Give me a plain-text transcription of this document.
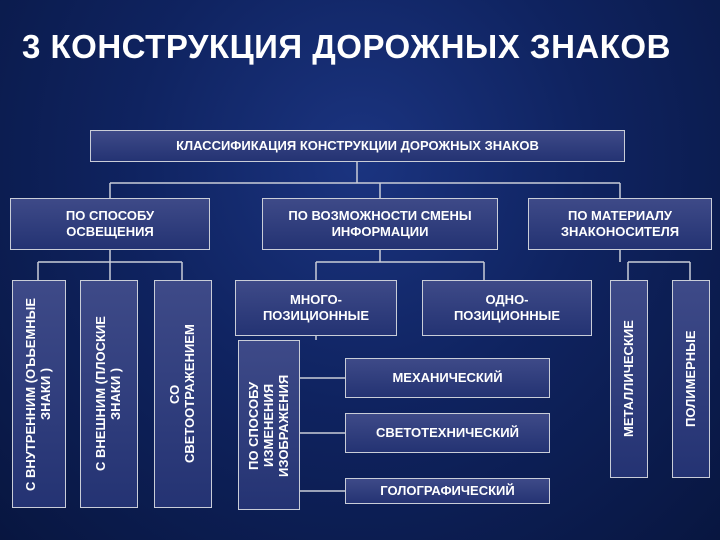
3 КОНСТРУКЦИЯ ДОРОЖНЫХ ЗНАКОВ
КЛАССИФИКАЦИЯ КОНСТРУКЦИИ ДОРОЖНЫХ ЗНАКОВ
ПО СПОСОБУ ОСВЕЩЕНИЯ
ПО ВОЗМОЖНОСТИ СМЕНЫ ИНФОРМАЦИИ
ПО МАТЕРИАЛУ ЗНАКОНОСИТЕЛЯ
С ВНУТРЕННИМ (ОЪЬЕМНЫЕ ЗНАКИ )	С ВНЕШНИМ (ПЛОСКИЕ ЗНАКИ )	СО СВЕТООТРАЖЕНИЕМ
МНОГО- ПОЗИЦИОННЫЕ
ОДНО- ПОЗИЦИОННЫЕ
ПО СПОСОБУ ИЗМЕНЕНИЯ ИЗОБРАЖЕНИЯ	МЕХАНИЧЕСКИЙ
СВЕТОТЕХНИЧЕСКИЙ
ГОЛОГРАФИЧЕСКИЙ
МЕТАЛЛИЧЕСКИЕ	ПОЛИМЕРНЫЕ
